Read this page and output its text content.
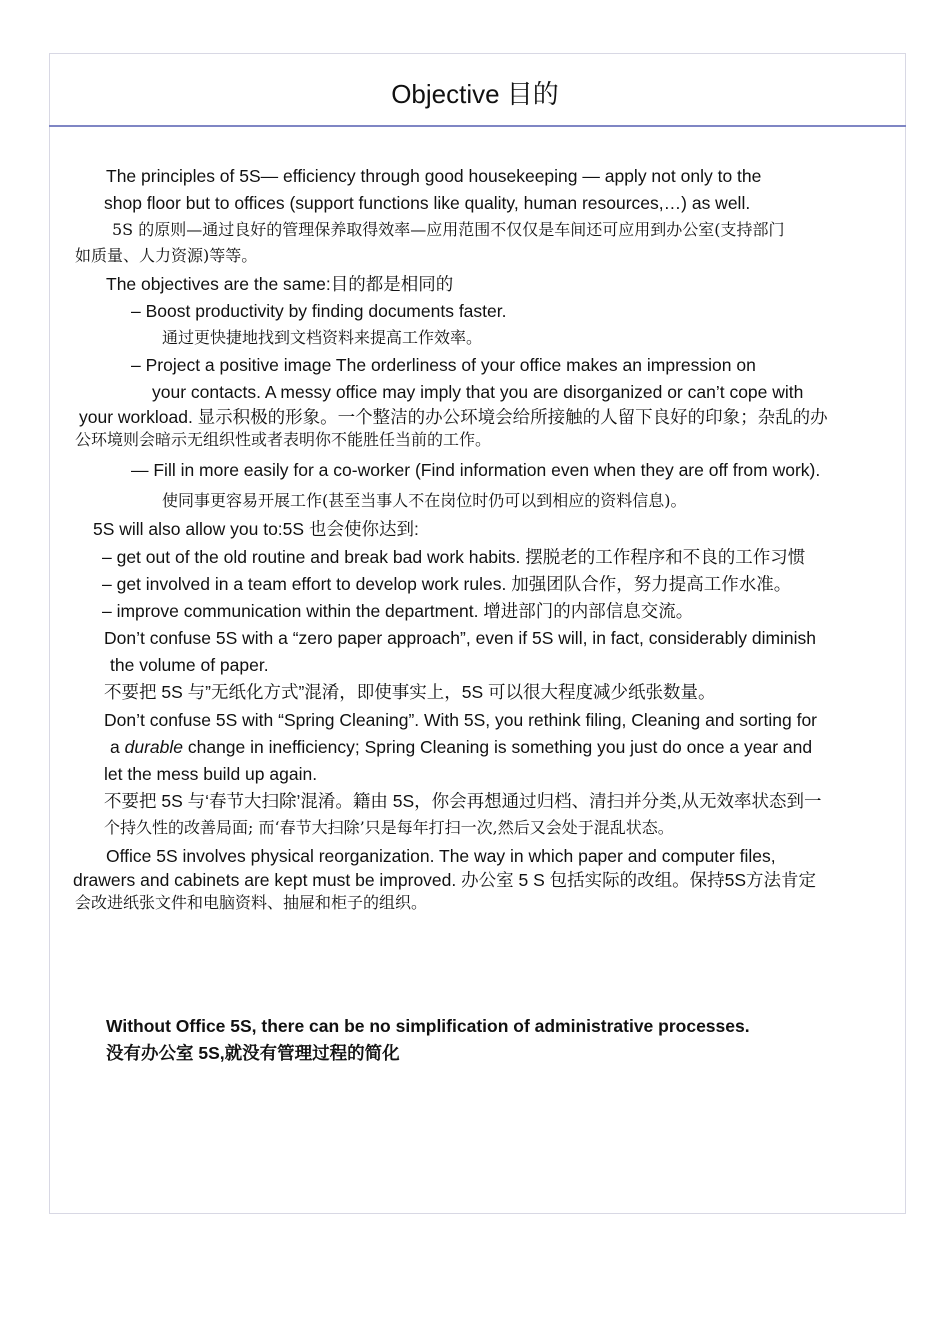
Objective 目的
The principles of 5S— efficiency through good housekeeping — apply not only to the
shop floor but to offices (support functions like quality, human resources,…) as well.
5S 的原则—通过良好的管理保养取得效率—应用范围不仅仅是车间还可应用到办公室(支持部门
如质量、人力资源)等等。
The objectives are the same:目的都是相同的
– Boost productivity by finding documents faster.
通过更快捷地找到文档资料来提高工作效率。
– Project a positive image The orderliness of your office makes an impression on
your contacts. A messy office may imply that you are disorganized or can’t cope with
your workload. 显示积极的形象。一个整洁的办公环境会给所接触的人留下良好的印象；杂乱的办
公环境则会暗示无组织性或者表明你不能胜任当前的工作。
— Fill in more easily for a co-worker (Find information even when they are off from work).
使同事更容易开展工作(甚至当事人不在岗位时仍可以到相应的资料信息)。
5S will also allow you to:5S 也会使你达到:
– get out of the old routine and break bad work habits. 摆脱老的工作程序和不良的工作习惯
– get involved in a team effort to develop work rules. 加强团队合作，努力提高工作水准。
– improve communication within the department. 增进部门的内部信息交流。
Don’t confuse 5S with a “zero paper approach”, even if 5S will, in fact, considerably diminish
the volume of paper.
不要把 5S 与”无纸化方式”混淆，即使事实上，5S 可以很大程度减少纸张数量。
Don’t confuse 5S with “Spring Cleaning”. With 5S, you rethink filing, Cleaning and sorting for
a durable change in inefficiency; Spring Cleaning is something you just do once a year and
let the mess build up again.
不要把 5S 与‘春节大扫除’混淆。籍由 5S，你会再想通过归档、清扫并分类,从无效率状态到一
个持久性的改善局面; 而‘春节大扫除’只是每年打扫一次,然后又会处于混乱状态。
Office 5S involves physical reorganization. The way in which paper and computer files,
drawers and cabinets are kept must be improved. 办公室 5 S 包括实际的改组。保持5S方法肯定
会改进纸张文件和电脑资料、抽屉和柜子的组织。
Without Office 5S, there can be no simplification of administrative processes.
没有办公室 5S,就没有管理过程的简化
